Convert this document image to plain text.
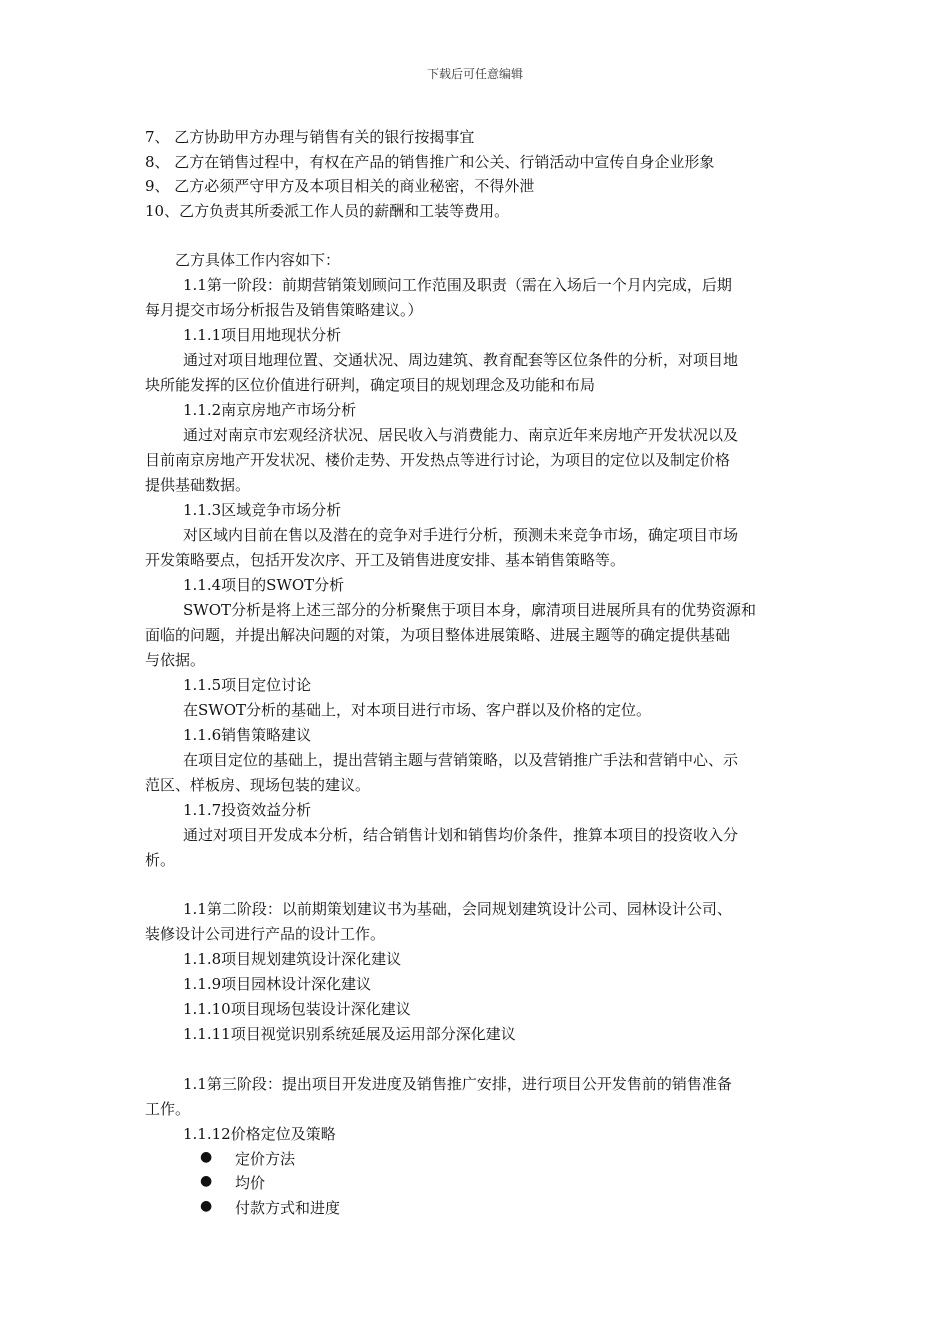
下载后可任意编辑
7、 乙方协助甲方办理与销售有关的银行按揭事宜
8、 乙方在销售过程中，有权在产品的销售推广和公关、行销活动中宣传自身企业形象
9、 乙方必须严守甲方及本项目相关的商业秘密，不得外泄
10、乙方负责其所委派工作人员的薪酬和工装等费用。
乙方具体工作内容如下：
1.1第一阶段：前期营销策划顾问工作范围及职责（需在入场后一个月内完成，后期
每月提交市场分析报告及销售策略建议。）
1.1.1项目用地现状分析
通过对项目地理位置、交通状况、周边建筑、教育配套等区位条件的分析，对项目地
块所能发挥的区位价值进行研判，确定项目的规划理念及功能和布局
1.1.2南京房地产市场分析
通过对南京市宏观经济状况、居民收入与消费能力、南京近年来房地产开发状况以及
目前南京房地产开发状况、楼价走势、开发热点等进行讨论，为项目的定位以及制定价格
提供基础数据。
1.1.3区域竞争市场分析
对区域内目前在售以及潜在的竞争对手进行分析，预测未来竞争市场，确定项目市场
开发策略要点，包括开发次序、开工及销售进度安排、基本销售策略等。
1.1.4项目的SWOT分析
SWOT分析是将上述三部分的分析聚焦于项目本身，廓清项目进展所具有的优势资源和
面临的问题，并提出解决问题的对策，为项目整体进展策略、进展主题等的确定提供基础
与依据。
1.1.5项目定位讨论
在SWOT分析的基础上，对本项目进行市场、客户群以及价格的定位。
1.1.6销售策略建议
在项目定位的基础上，提出营销主题与营销策略，以及营销推广手法和营销中心、示
范区、样板房、现场包装的建议。
1.1.7投资效益分析
通过对项目开发成本分析，结合销售计划和销售均价条件，推算本项目的投资收入分
析。
1.1第二阶段：以前期策划建议书为基础，会同规划建筑设计公司、园林设计公司、
装修设计公司进行产品的设计工作。
1.1.8项目规划建筑设计深化建议
1.1.9项目园林设计深化建议
1.1.10项目现场包装设计深化建议
1.1.11项目视觉识别系统延展及运用部分深化建议
1.1第三阶段：提出项目开发进度及销售推广安排，进行项目公开发售前的销售准备
工作。
1.1.12价格定位及策略
● 定价方法
● 均价
● 付款方式和进度
